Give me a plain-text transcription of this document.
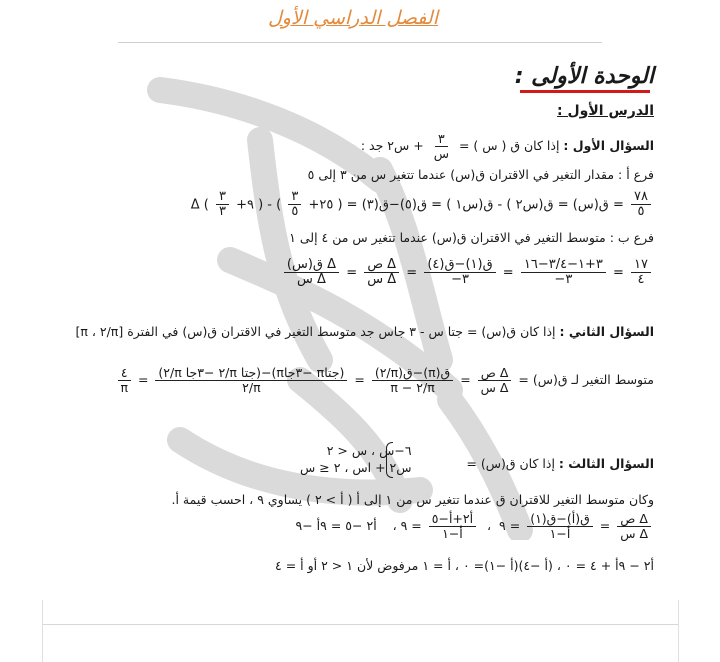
الفصل الدراسي الأول
الوحدة الأولى :
الدرس الأول :
السؤال الأول : إذا كان ق ( س ) =
$\frac{٣}{\text{س}}$
+ س٢ جد :
فرع أ : مقدار التغير في الاقتران ق(س) عندما تتغير س من ٣ إلى ٥
Δ ق(س) = ق(س٢ ) - ق(س١ ) = ق(٥)−ق(٣) = ( ٢٥+
$\frac{٣}{٥}$
) - ( ٩+
$\frac{٣}{٣}$
) = $\frac{٧٨}{٥}$
فرع ب : متوسط التغير في الاقتران ق(س) عندما تتغير س من ٤ إلى ١
$\frac{\text{Δ ق(س)}}{\text{Δ س}} = \frac{\text{Δ ص}}{\text{Δ س}} = \frac{\text{ق(١)−ق(٤)}}{٣-} = \frac{٣+١-٣/٤-١٦}{٣-} = \frac{١٧}{٤}$
السؤال الثاني : إذا كان ق(س) = جتا س - ٣ جاس جد متوسط التغير في الاقتران ق(س) في الفترة [π/٢ ، π]
متوسط التغير لـ ق(س) =
$\frac{\text{Δ ص}}{\text{Δ س}}$
=
$\frac{\text{ق(π)−ق(π/٢)}}{\pi/٢ - \pi}$
=
$\frac{\text{(جتاπ −٣جاπ)−(جتا π/٢ −٣جا π/٢)}}{\pi/٢}$
=
$\frac{٤}{\pi}$
السؤال الثالث : إذا كان ق(س) =
٦−س ، س < ٢
س٢ + اس ، ٢ ≤ س
وكان متوسط التغير للاقتران ق عندما تتغير س من ١ إلى أ ( أ > ٢ ) يساوي ٩ ، احسب قيمة أ.
$\frac{\text{Δ ص}}{\text{Δ س}}$
=
$\frac{\text{ق(أ)−ق(١)}}{\text{أ−١}}$
= ٩  ،
$\frac{\text{أ٢+أ−٥}}{\text{أ−١}}$
= ٩ ،    أ٢ −٥ = ٩أ −٩
أ٢ − ٩أ + ٤ = ٠ ، (أ −٤)(أ −١)= ٠ ، أ = ١ مرفوض لأن ١ < ٢ أو أ = ٤
